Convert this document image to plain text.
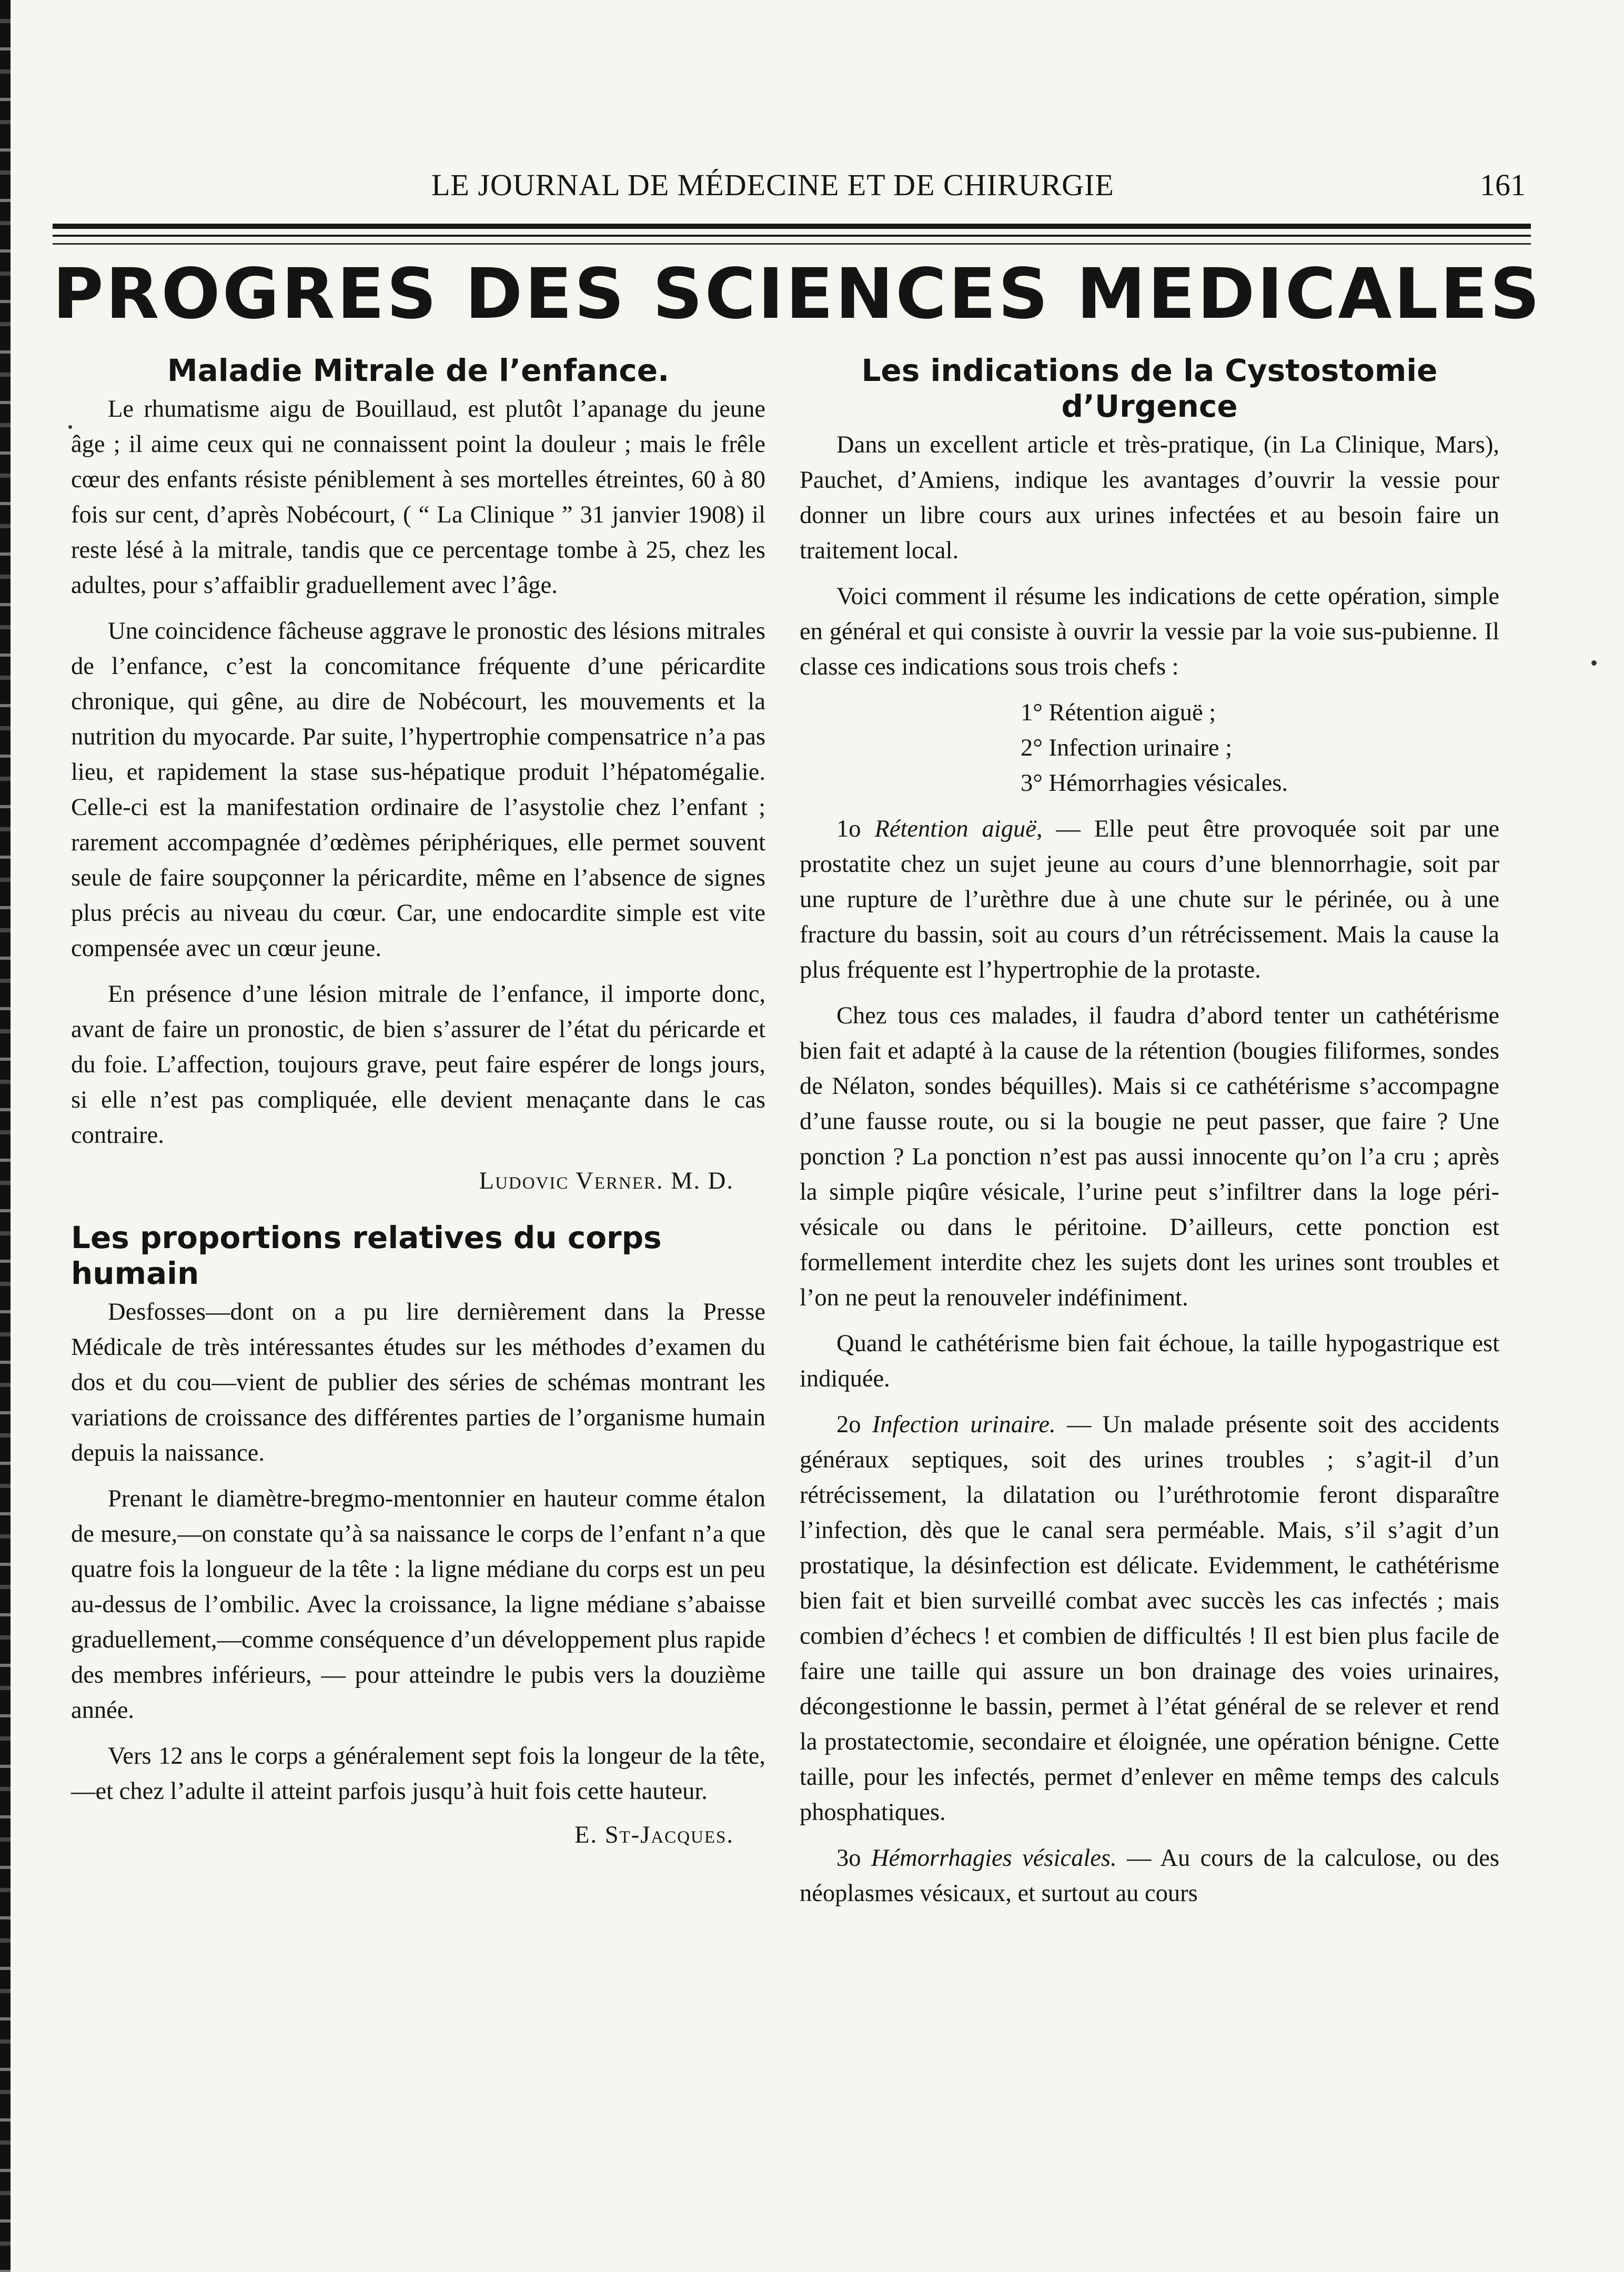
LE JOURNAL DE MÉDECINE ET DE CHIRURGIE	161
PROGRES DES SCIENCES MEDICALES
Maladie Mitrale de l’enfance.

Le rhumatisme aigu de Bouillaud, est plutôt l’apanage du jeune âge ; il aime ceux qui ne connaissent point la douleur ; mais le frêle cœur des enfants résiste péniblement à ses mortelles étreintes, 60 à 80 fois sur cent, d’après Nobécourt, ( “ La Clinique ” 31 janvier 1908) il reste lésé à la mitrale, tandis que ce percentage tombe à 25, chez les adultes, pour s’affaiblir graduellement avec l’âge.

Une coincidence fâcheuse aggrave le pronostic des lésions mitrales de l’enfance, c’est la concomitance fréquente d’une péricardite chronique, qui gêne, au dire de Nobécourt, les mouvements et la nutrition du myocarde. Par suite, l’hypertrophie compensatrice n’a pas lieu, et rapidement la stase sus-hépatique produit l’hépatomégalie. Celle-ci est la manifestation ordinaire de l’asystolie chez l’enfant ; rarement accompagnée d’œdèmes périphériques, elle permet souvent seule de faire soupçonner la péricardite, même en l’absence de signes plus précis au niveau du cœur. Car, une endocardite simple est vite compensée avec un cœur jeune.

En présence d’une lésion mitrale de l’enfance, il importe donc, avant de faire un pronostic, de bien s’assurer de l’état du péricarde et du foie. L’affection, toujours grave, peut faire espérer de longs jours, si elle n’est pas compliquée, elle devient menaçante dans le cas contraire.

Ludovic Verner. M. D.
Les proportions relatives du corps humain

Desfosses—dont on a pu lire dernièrement dans la Presse Médicale de très intéressantes études sur les méthodes d’examen du dos et du cou—vient de publier des séries de schémas montrant les variations de croissance des différentes parties de l’organisme humain depuis la naissance.

Prenant le diamètre-bregmo-mentonnier en hauteur comme étalon de mesure,—on constate qu’à sa naissance le corps de l’enfant n’a que quatre fois la longueur de la tête : la ligne médiane du corps est un peu au-dessus de l’ombilic. Avec la croissance, la ligne médiane s’abaisse graduellement,—comme conséquence d’un développement plus rapide des membres inférieurs, — pour atteindre le pubis vers la douzième année.

Vers 12 ans le corps a généralement sept fois la longeur de la tête,—et chez l’adulte il atteint parfois jusqu’à huit fois cette hauteur.

E. St-Jacques.
Les indications de la Cystostomie
d’Urgence

Dans un excellent article et très-pratique, (in La Clinique, Mars), Pauchet, d’Amiens, indique les avantages d’ouvrir la vessie pour donner un libre cours aux urines infectées et au besoin faire un traitement local.

Voici comment il résume les indications de cette opération, simple en général et qui consiste à ouvrir la vessie par la voie sus-pubienne. Il classe ces indications sous trois chefs :

1° Rétention aiguë ;
2° Infection urinaire ;
3° Hémorrhagies vésicales.

1o Rétention aiguë, — Elle peut être provoquée soit par une prostatite chez un sujet jeune au cours d’une blennorrhagie, soit par une rupture de l’urèthre due à une chute sur le périnée, ou à une fracture du bassin, soit au cours d’un rétrécissement. Mais la cause la plus fréquente est l’hypertrophie de la protaste.

Chez tous ces malades, il faudra d’abord tenter un cathétérisme bien fait et adapté à la cause de la rétention (bougies filiformes, sondes de Nélaton, sondes béquilles). Mais si ce cathétérisme s’accompagne d’une fausse route, ou si la bougie ne peut passer, que faire ? Une ponction ? La ponction n’est pas aussi innocente qu’on l’a cru ; après la simple piqûre vésicale, l’urine peut s’infiltrer dans la loge péri-vésicale ou dans le péritoine. D’ailleurs, cette ponction est formellement interdite chez les sujets dont les urines sont troubles et l’on ne peut la renouveler indéfiniment.

Quand le cathétérisme bien fait échoue, la taille hypogastrique est indiquée.

2o Infection urinaire. — Un malade présente soit des accidents généraux septiques, soit des urines troubles ; s’agit-il d’un rétrécissement, la dilatation ou l’uréthrotomie feront disparaître l’infection, dès que le canal sera perméable. Mais, s’il s’agit d’un prostatique, la désinfection est délicate. Evidemment, le cathétérisme bien fait et bien surveillé combat avec succès les cas infectés ; mais combien d’échecs ! et combien de difficultés ! Il est bien plus facile de faire une taille qui assure un bon drainage des voies urinaires, décongestionne le bassin, permet à l’état général de se relever et rend la prostatectomie, secondaire et éloignée, une opération bénigne. Cette taille, pour les infectés, permet d’enlever en même temps des calculs phosphatiques.

3o Hémorrhagies vésicales. — Au cours de la calculose, ou des néoplasmes vésicaux, et surtout au cours
